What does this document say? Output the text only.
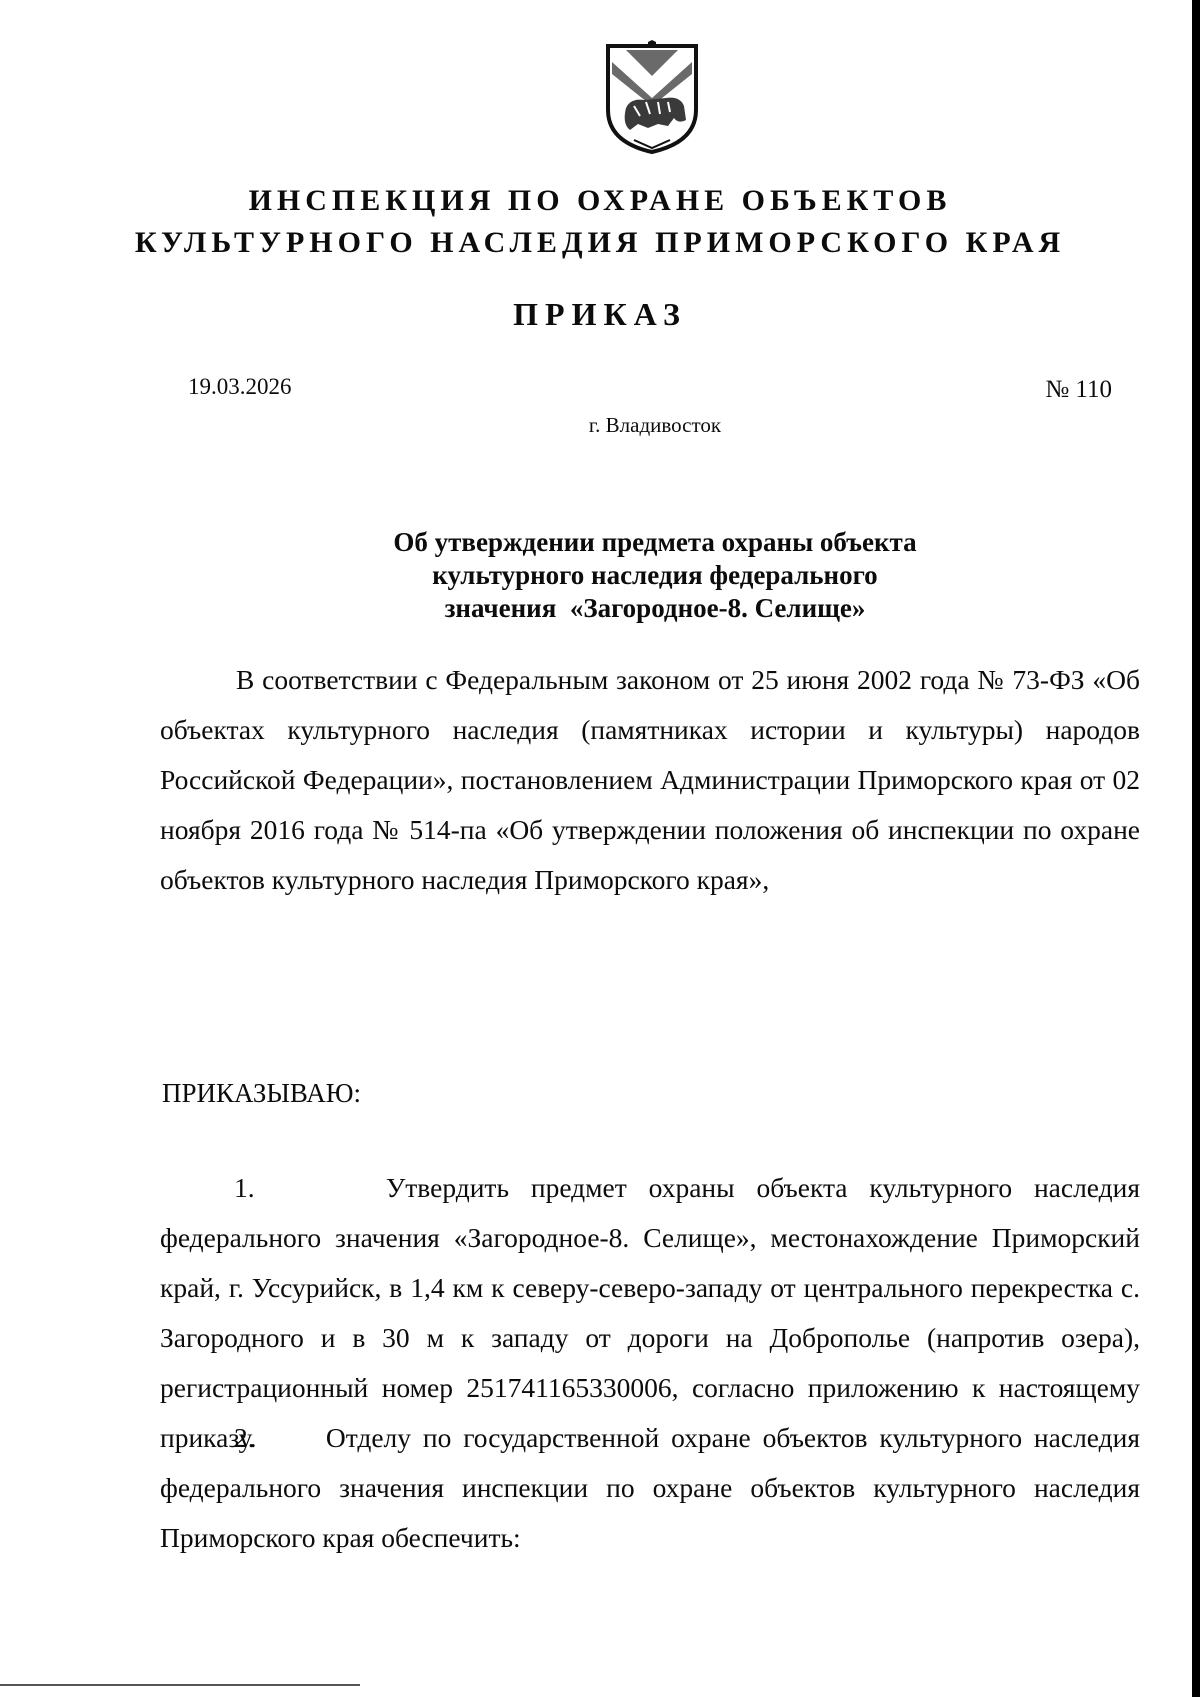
ИНСПЕКЦИЯ ПО ОХРАНЕ ОБЪЕКТОВ
КУЛЬТУРНОГО НАСЛЕДИЯ ПРИМОРСКОГО КРАЯ
ПРИКАЗ
19.03.2026	№ 110
г. Владивосток
Об утверждении предмета охраны объекта
культурного наследия федерального
значения  «Загородное-8. Селище»

В соответствии с Федеральным законом от 25 июня 2002 года № 73-ФЗ «Об объектах культурного наследия (памятниках истории и культуры) народов Российской Федерации», постановлением Администрации Приморского края от 02 ноября 2016 года № 514-па «Об утверждении положения об инспекции по охране объектов культурного наследия Приморского края»,

ПРИКАЗЫВАЮ:

1.      Утвердить предмет охраны объекта культурного наследия федерального значения «Загородное-8. Селище», местонахождение Приморский край, г. Уссурийск, в 1,4 км к северу-северо-западу от центрального перекрестка с. Загородного и в 30 м к западу от дороги на Доброполье (напротив озера), регистрационный номер 251741165330006, согласно приложению к настоящему приказу.

2.      Отделу по государственной охране объектов культурного наследия федерального значения инспекции по охране объектов культурного наследия Приморского края обеспечить:
